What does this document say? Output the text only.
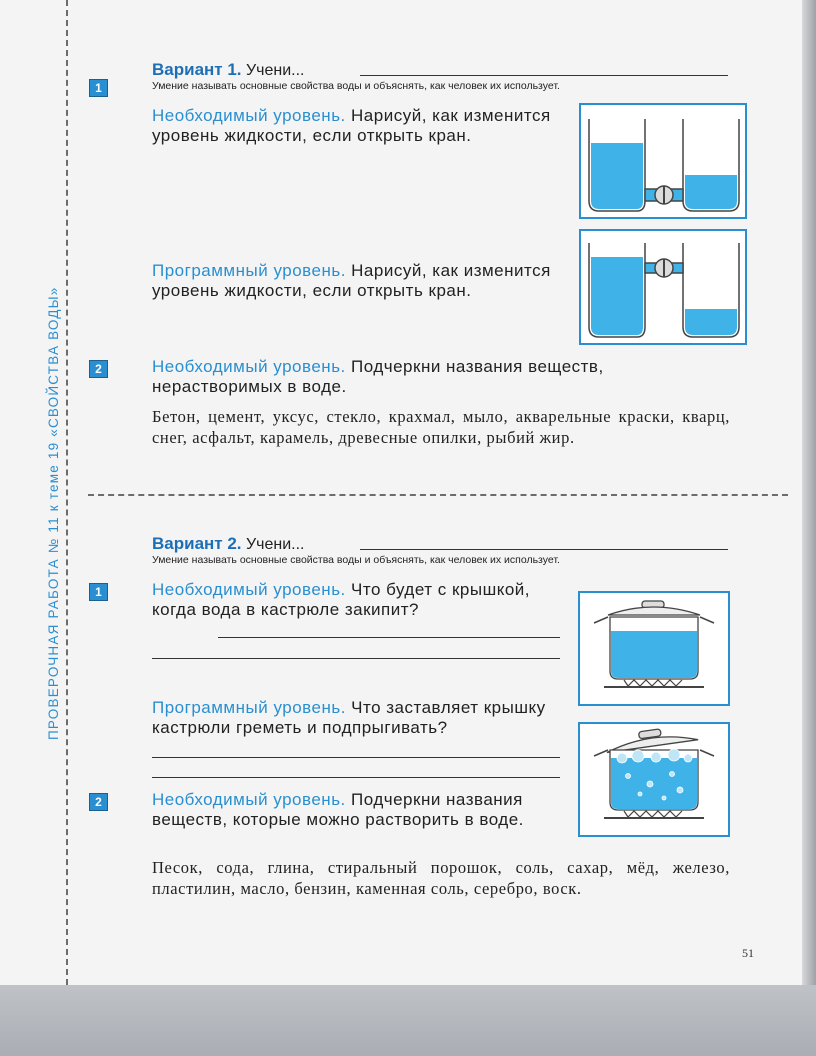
ПРОВЕРОЧНАЯ РАБОТА № 11 к теме 19 «СВОЙСТВА ВОДЫ»
Вариант 1. Учени...
Умение называть основные свойства воды и объяснять, как человек их использует.
1
Необходимый уровень. Нарисуй, как изменится уровень жидкости, если открыть кран.
Программный уровень. Нарисуй, как изменится уровень жидкости, если открыть кран.
2	Необходимый уровень. Подчеркни названия веществ, нерастворимых в воде.
Бетон, цемент, уксус, стекло, крахмал, мыло, акварельные краски, кварц, снег, асфальт, карамель, древесные опилки, рыбий жир.
Вариант 2. Учени...
Умение называть основные свойства воды и объяснять, как человек их использует.
1	Необходимый уровень. Что будет с крышкой, когда вода в кастрюле закипит?
Программный уровень. Что заставляет крышку кастрюли греметь и подпрыгивать?
2	Необходимый уровень. Подчеркни названия веществ, которые можно растворить в воде.
Песок, сода, глина, стиральный порошок, соль, сахар, мёд, железо, пластилин, масло, бензин, каменная соль, серебро, воск.
51
